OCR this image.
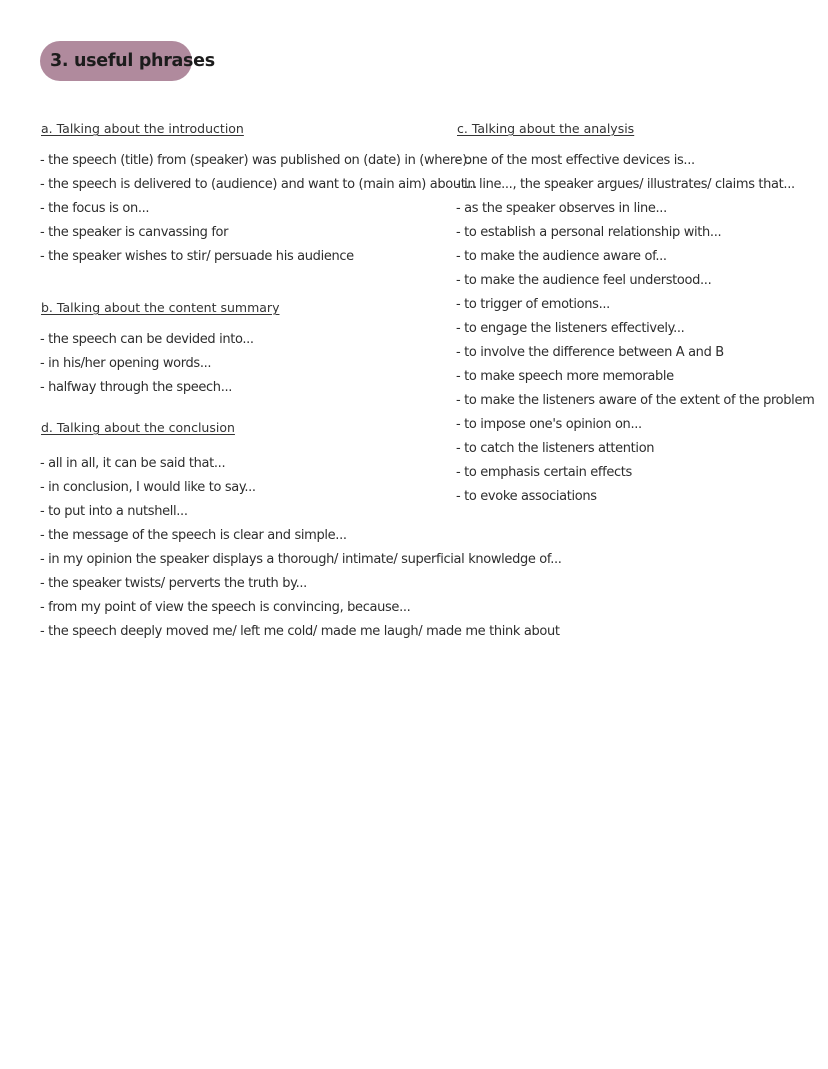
3. useful phrases
a. Talking about the introduction
- the speech (title) from (speaker) was published on (date) in (where).
- the speech is delivered to (audience) and want to (main aim) about...
- the focus is on...
- the speaker is canvassing for
- the speaker wishes to stir/ persuade his audience
b. Talking about the content summary
- the speech can be devided into...
- in his/her opening words...
- halfway through the speech...
d. Talking about the conclusion
- all in all, it can be said that...
- in conclusion, I would like to say...
- to put into a nutshell...
- the message of the speech is clear and simple...
- in my opinion the speaker displays a thorough/ intimate/ superficial knowledge of...
- the speaker twists/ perverts the truth by...
- from my point of view the speech is convincing, because...
- the speech deeply moved me/ left me cold/ made me laugh/ made me think about
c. Talking about the analysis
- one of the most effective devices is...
- in line..., the speaker argues/ illustrates/ claims that...
- as the speaker observes in line...
- to establish a personal relationship with...
- to make the audience aware of...
- to make the audience feel understood...
- to trigger of emotions...
- to engage the listeners effectively...
- to involve the difference between A and B
- to make speech more memorable
- to make the listeners aware of the extent of the problem
- to impose one's opinion on...
- to catch the listeners attention
- to emphasis certain effects
- to evoke associations
